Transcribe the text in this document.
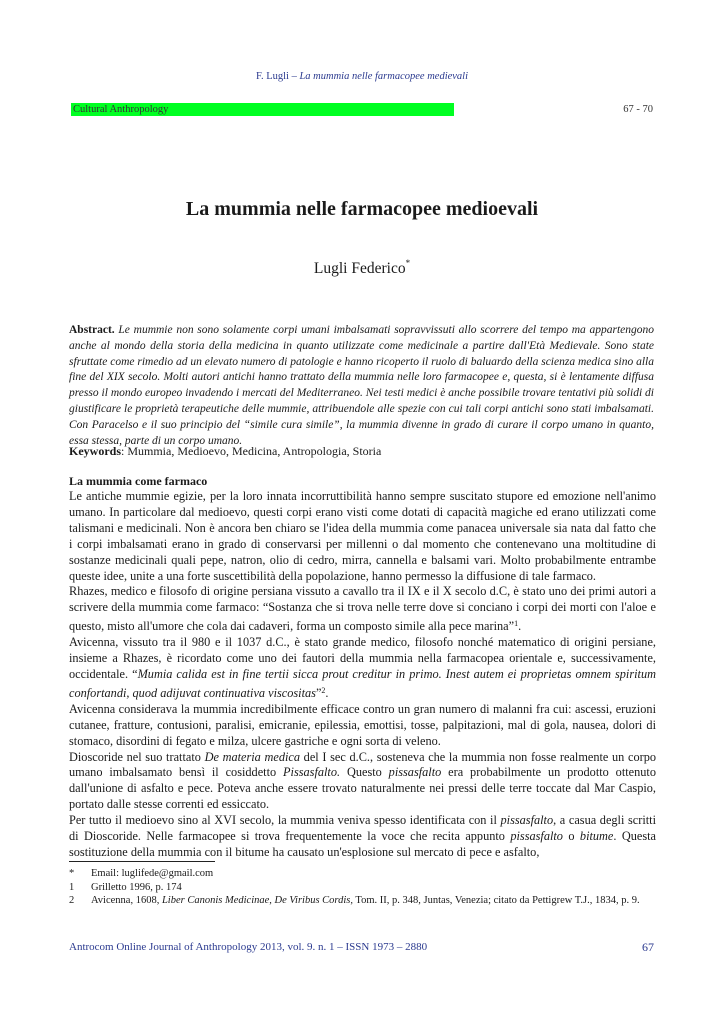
F. Lugli – La mummia nelle farmacopee medievali
Cultural Anthropology	67 - 70
La mummia nelle farmacopee medioevali
Lugli Federico*
Abstract. Le mummie non sono solamente corpi umani imbalsamati sopravvissuti allo scorrere del tempo ma appartengono anche al mondo della storia della medicina in quanto utilizzate come medicinale a partire dall'Età Medievale. Sono state sfruttate come rimedio ad un elevato numero di patologie e hanno ricoperto il ruolo di baluardo della scienza medica sino alla fine del XIX secolo. Molti autori antichi hanno trattato della mummia nelle loro farmacopee e, questa, si è lentamente diffusa presso il mondo europeo invadendo i mercati del Mediterraneo. Nei testi medici è anche possibile trovare tentativi più solidi di giustificare le proprietà terapeutiche delle mummie, attribuendole alle spezie con cui tali corpi antichi sono stati imbalsamati. Con Paracelso e il suo principio del “simile cura simile”, la mummia divenne in grado di curare il corpo umano in quanto, essa stessa, parte di un corpo umano.
Keywords: Mummia, Medioevo, Medicina, Antropologia, Storia
La mummia come farmaco

Le antiche mummie egizie, per la loro innata incorruttibilità hanno sempre suscitato stupore ed emozione nell'animo umano. In particolare dal medioevo, questi corpi erano visti come dotati di capacità magiche ed erano utilizzati come talismani e medicinali. Non è ancora ben chiaro se l'idea della mummia come panacea universale sia nata dal fatto che i corpi imbalsamati erano in grado di conservarsi per millenni o dal momento che contenevano una moltitudine di sostanze medicinali quali pepe, natron, olio di cedro, mirra, cannella e balsami vari. Molto probabilmente entrambe queste idee, unite a una forte suscettibilità della popolazione, hanno permesso la diffusione di tale farmaco.

Rhazes, medico e filosofo di origine persiana vissuto a cavallo tra il IX e il X secolo d.C, è stato uno dei primi autori a scrivere della mummia come farmaco: “Sostanza che si trova nelle terre dove si conciano i corpi dei morti con l'aloe e questo, misto all'umore che cola dai cadaveri, forma un composto simile alla pece marina”$^1$.

Avicenna, vissuto tra il 980 e il 1037 d.C., è stato grande medico, filosofo nonché matematico di origini persiane, insieme a Rhazes, è ricordato come uno dei fautori della mummia nella farmacopea orientale e, successivamente, occidentale. “Mumia calida est in fine tertii sicca prout creditur in primo. Inest autem ei proprietas omnem spiritum confortandi, quod adijuvat continuativa viscositas”$^2$.

Avicenna considerava la mummia incredibilmente efficace contro un gran numero di malanni fra cui: ascessi, eruzioni cutanee, fratture, contusioni, paralisi, emicranie, epilessia, emottisi, tosse, palpitazioni, mal di gola, nausea, dolori di stomaco, disordini di fegato e milza, ulcere gastriche e ogni sorta di veleno.

Dioscoride nel suo trattato De materia medica del I sec d.C., sosteneva che la mummia non fosse realmente un corpo umano imbalsamato bensì il cosiddetto Pissasfalto. Questo pissasfalto era probabilmente un prodotto ottenuto dall'unione di asfalto e pece. Poteva anche essere trovato naturalmente nei pressi delle terre toccate dal Mar Caspio, portato dalle stesse correnti ed essiccato.

Per tutto il medioevo sino al XVI secolo, la mummia veniva spesso identificata con il pissasfalto, a casua degli scritti di Dioscoride. Nelle farmacopee si trova frequentemente la voce che recita appunto pissasfalto o bitume. Questa sostituzione della mummia con il bitume ha causato un'esplosione sul mercato di pece e asfalto,

*	Email: luglifede@gmail.com
1	Grilletto 1996, p. 174
2	Avicenna, 1608, Liber Canonis Medicinae, De Viribus Cordis, Tom. II, p. 348, Juntas, Venezia; citato da Pettigrew T.J., 1834, p. 9.
Antrocom Online Journal of Anthropology 2013, vol. 9. n. 1 – ISSN 1973 – 2880	67
